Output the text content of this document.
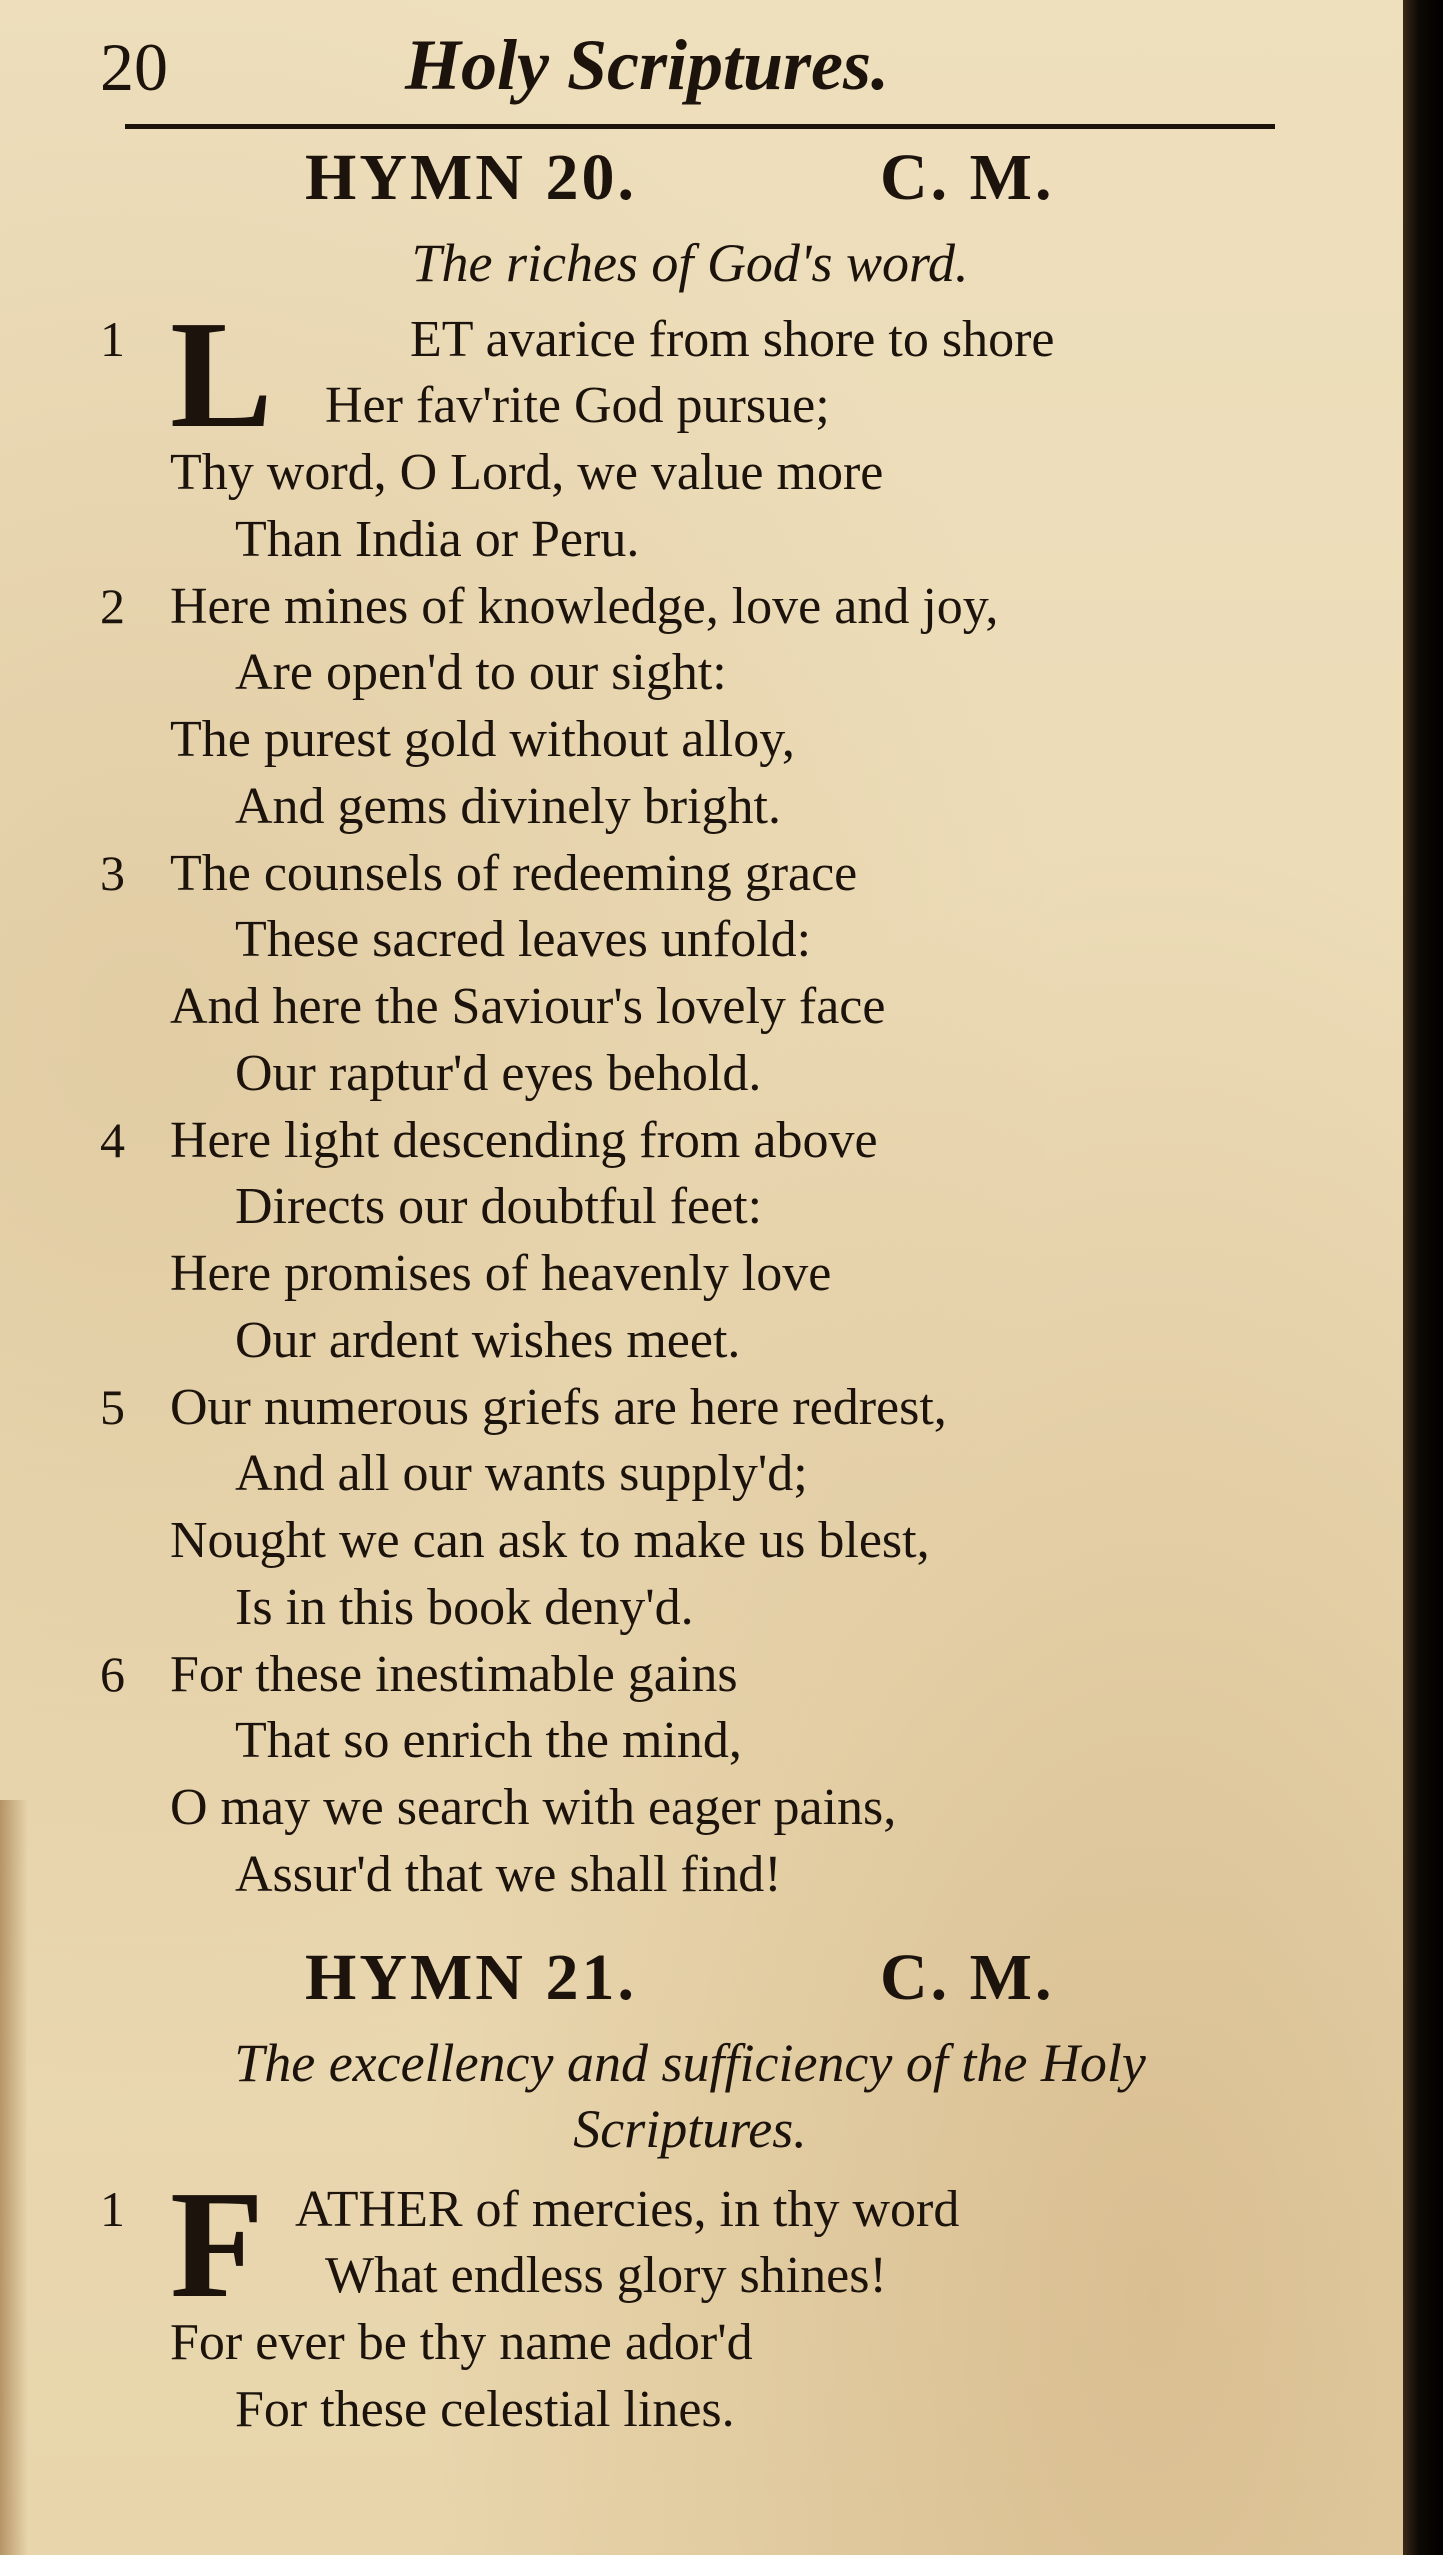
20	Holy Scriptures.
HYMN 20.	C. M.
The riches of God's word.
1 L	ET avarice from shore to shore
Her fav'rite God pursue;
Thy word, O Lord, we value more
Than India or Peru.
2 Here mines of knowledge, love and joy,
Are open'd to our sight:
The purest gold without alloy,
And gems divinely bright.
3 The counsels of redeeming grace
These sacred leaves unfold:
And here the Saviour's lovely face
Our raptur'd eyes behold.
4 Here light descending from above
Directs our doubtful feet:
Here promises of heavenly love
Our ardent wishes meet.
5 Our numerous griefs are here redrest,
And all our wants supply'd;
Nought we can ask to make us blest,
Is in this book deny'd.
6 For these inestimable gains
That so enrich the mind,
O may we search with eager pains,
Assur'd that we shall find!
HYMN 21.	C. M.
The excellency and sufficiency of the Holy
Scriptures.
1 F ATHER of mercies, in thy word
What endless glory shines!
For ever be thy name ador'd
For these celestial lines.
